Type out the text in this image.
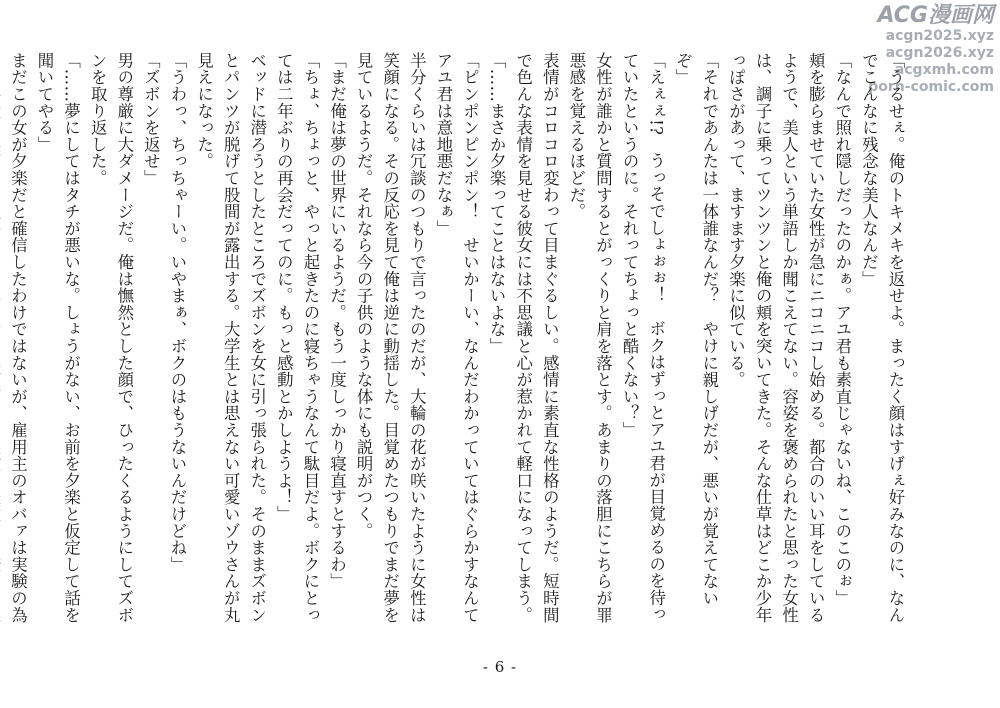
ACG漫画网
acgn2025.xyz
acgn2026.xyz
acgxmh.com
porn-comic.com

「うるせぇ。俺のトキメキを返せよ。まったく顔はすげぇ好みなのに、なんでこんなに残念な美人なんだ」

「なんで照れ隠しだったのかぁ。アユ君も素直じゃないね、このこのぉ」

頬を膨らませていた女性が急にニコニコし始める。都合のいい耳をしているようで、美人という単語しか聞こえてない。容姿を褒められたと思った女性は、調子に乗ってツンツンと俺の頬を突いてきた。そんな仕草はどこか少年っぽさがあって、ますます夕楽に似ている。

「それであんたは一体誰なんだ？　やけに親しげだが、悪いが覚えてないぞ」

「えぇぇ!?　うっそでしょぉぉ！　ボクはずっとアユ君が目覚めるのを待っていたというのに。それってちょっと酷くない？」

女性が誰かと質問するとがっくりと肩を落とす。あまりの落胆にこちらが罪悪感を覚えるほどだ。

表情がコロコロ変わって目まぐるしい。感情に素直な性格のようだ。短時間で色んな表情を見せる彼女には不思議と心が惹かれて軽口になってしまう。

「……まさか夕楽ってことはないよな」

「ピンポンピンポン！　せいかーい、なんだわかっていてはぐらかすなんてアユ君は意地悪だなぁ」

半分くらいは冗談のつもりで言ったのだが、大輪の花が咲いたように女性は笑顔になる。その反応を見て俺は逆に動揺した。目覚めたつもりでまだ夢を見ているようだ。それなら今の子供のような体にも説明がつく。

「まだ俺は夢の世界にいるようだ。もう一度しっかり寝直すとするわ」

「ちょ、ちょっと、やっと起きたのに寝ちゃうなんて駄目だよ。ボクにとっては二年ぶりの再会だってのに。もっと感動とかしようよ！」

ベッドに潜ろうとしたところでズボンを女に引っ張られた。そのままズボンとパンツが脱げて股間が露出する。大学生とは思えない可愛いゾウさんが丸見えになった。

「うわっ、ちっちゃーい。いやまぁ、ボクのはもうないんだけどね」

「ズボンを返せ」

男の尊厳に大ダメージだ。俺は憮然とした顔で、ひったくるようにしてズボンを取り返した。

「……夢にしてはタチが悪いな。しょうがない、お前を夕楽と仮定して話を聞いてやる」

まだこの女が夕楽だと確信したわけではないが、雇用主のオバァは実験の為

- 6 -
